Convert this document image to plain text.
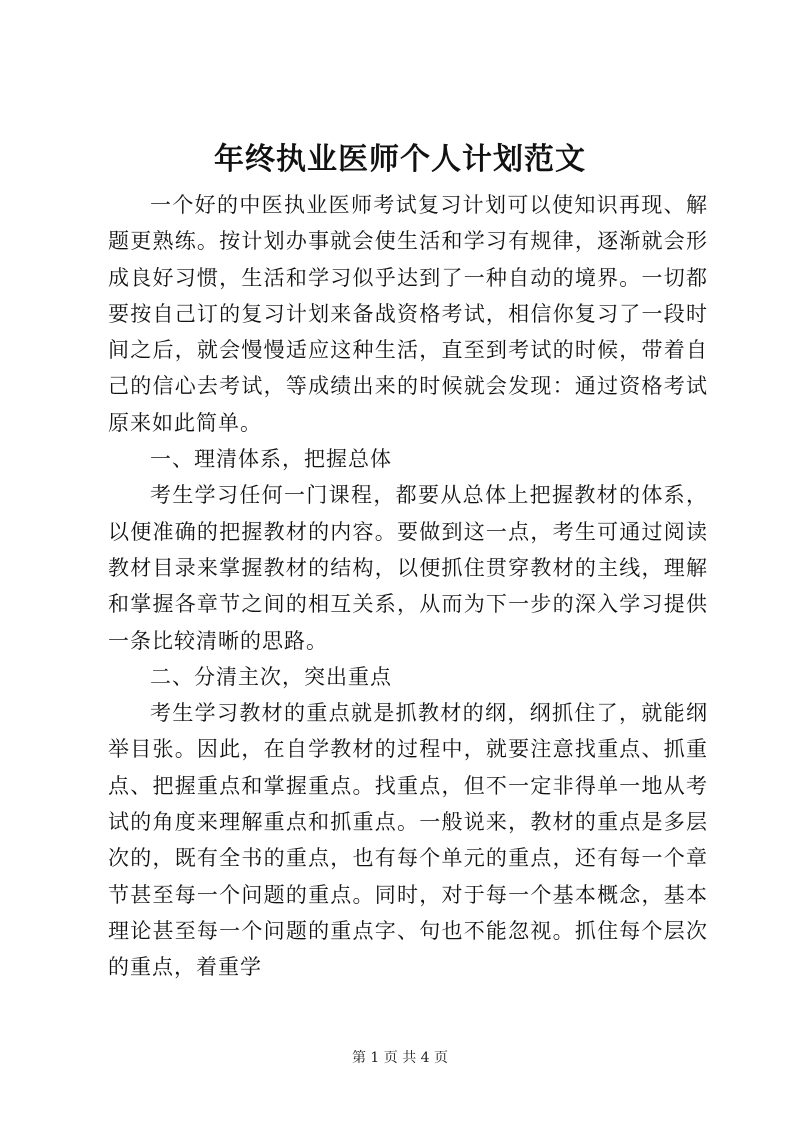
年终执业医师个人计划范文

一个好的中医执业医师考试复习计划可以使知识再现、解题更熟练。按计划办事就会使生活和学习有规律，逐渐就会形成良好习惯，生活和学习似乎达到了一种自动的境界。一切都要按自己订的复习计划来备战资格考试，相信你复习了一段时间之后，就会慢慢适应这种生活，直至到考试的时候，带着自己的信心去考试，等成绩出来的时候就会发现：通过资格考试原来如此简单。

一、理清体系，把握总体

考生学习任何一门课程，都要从总体上把握教材的体系，以便准确的把握教材的内容。要做到这一点，考生可通过阅读教材目录来掌握教材的结构，以便抓住贯穿教材的主线，理解和掌握各章节之间的相互关系，从而为下一步的深入学习提供一条比较清晰的思路。

二、分清主次，突出重点

考生学习教材的重点就是抓教材的纲，纲抓住了，就能纲举目张。因此，在自学教材的过程中，就要注意找重点、抓重点、把握重点和掌握重点。找重点，但不一定非得单一地从考试的角度来理解重点和抓重点。一般说来，教材的重点是多层次的，既有全书的重点，也有每个单元的重点，还有每一个章节甚至每一个问题的重点。同时，对于每一个基本概念，基本理论甚至每一个问题的重点字、句也不能忽视。抓住每个层次的重点，着重学

第 1 页 共 4 页
